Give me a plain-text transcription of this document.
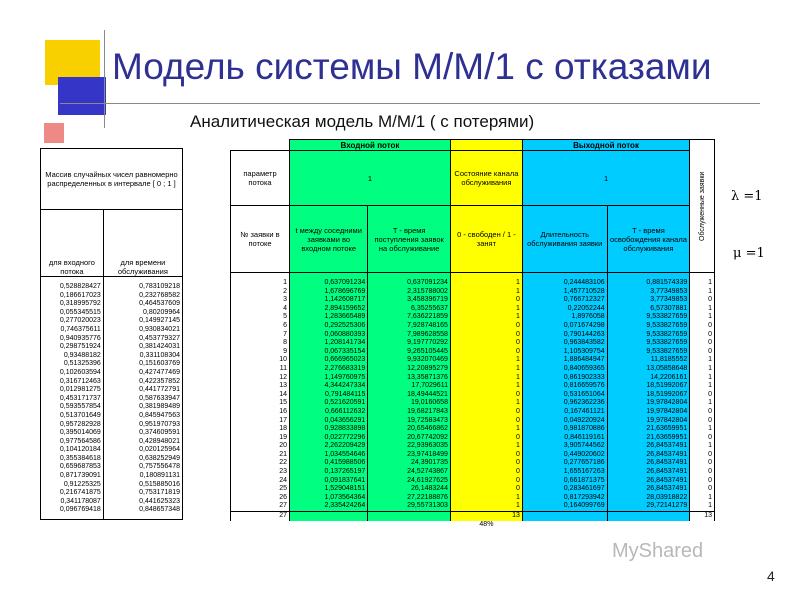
Модель системы М/М/1 с отказами
Аналитическая модель М/М/1 ( с потерями)
Массив случайных чисел равномерно распределенных в интервале [ 0 ; 1 ]	
для входного потока	для времени обслуживания

0,528828427	0,783109218
0,186617023	0,232768582
0,318995792	0,464537609
0,055345515	0,80209964
0,277020023	0,149927145
0,746375611	0,930834021
0,940935776	0,453779327
0,298751924	0,381424031
0,93488182	0,331108304
0,51325396	0,151603769
0,102603594	0,427477469
0,316712463	0,422357852
0,012981275	0,441772791
0,453171737	0,587633947
0,593557854	0,381989489
0,513701649	0,845947563
0,957282928	0,951970793
0,395014069	0,374609591
0,977564586	0,428948021
0,104120184	0,020125964
0,355384618	0,638252949
0,659687853	0,757556478
0,871739091	0,180891131
0,91225325	0,515885016
0,216741875	0,753171819
0,341178087	0,441625323
0,096769418	0,848657348

	Входной поток			Выходной поток		Обслуженные заявки

параметр потока	1		Состояние канала обслуживания	1		
№ заявки в потоке	t между соседними заявками во входном потоке	T - время поступления заявок на обслуживание	0 - свободен / 1 - занят	Длительность обслуживания заявки	T - время освобождения канала обслуживания	

1	0,637091234	0,637091234	1	0,244483106	0,881574339	1
2	1,678696769	2,315788002	1	1,457710528	3,77349853	1
3	1,142608717	3,458396719	0	0,766712327	3,77349853	0
4	2,894159652	6,35255637	1	0,22052244	6,57307881	1
5	1,283665489	7,636221859	1	1,8976058	9,533827659	1
6	0,292525306	7,928748165	0	0,071674298	9,533827659	0
7	0,060880393	7,989628558	0	0,790144263	9,533827659	0
8	1,208141734	9,197770292	0	0,963843582	9,533827659	0
9	0,067335154	9,265105445	0	1,105309754	9,533827659	0
10	0,666965023	9,932070469	1	1,886484947	11,8185552	1
11	2,276683319	12,20895279	1	0,840659365	13,05858648	1
12	1,149760975	13,35871376	1	0,861902333	14,2206161	1
13	4,344247334	17,7029611	1	0,816659576	18,51992067	1
14	0,791484115	18,49444521	0	0,531651064	18,51992067	0
15	0,521620591	19,0160658	1	0,962362236	19,97842804	1
16	0,666112632	19,68217843	0	0,167461121	19,97842804	0
17	0,043656291	19,72583473	0	0,049220924	19,97842804	0
18	0,928833898	20,65466862	1	0,981870886	21,63659951	1
19	0,022772296	20,67742092	0	0,846119161	21,63659951	0
20	2,262209429	22,93963035	1	3,905744562	26,84537491	1
21	1,034554646	23,97418499	0	0,449020602	26,84537491	0
22	0,415988506	24,3901735	0	0,277657186	26,84537491	0
23	0,137265197	24,52743867	0	1,655167263	26,84537491	0
24	0,091837641	24,61927625	0	0,661871375	26,84537491	0
25	1,529048151	26,1483244	0	0,283461697	26,84537491	0
26	1,073564364	27,22188876	1	0,817293942	28,03918822	1
27	2,335424264	29,55731303	1	0,164099769	29,72141279	1
27			13			13
			48%			
λ =1
μ =1
MyShared
4
